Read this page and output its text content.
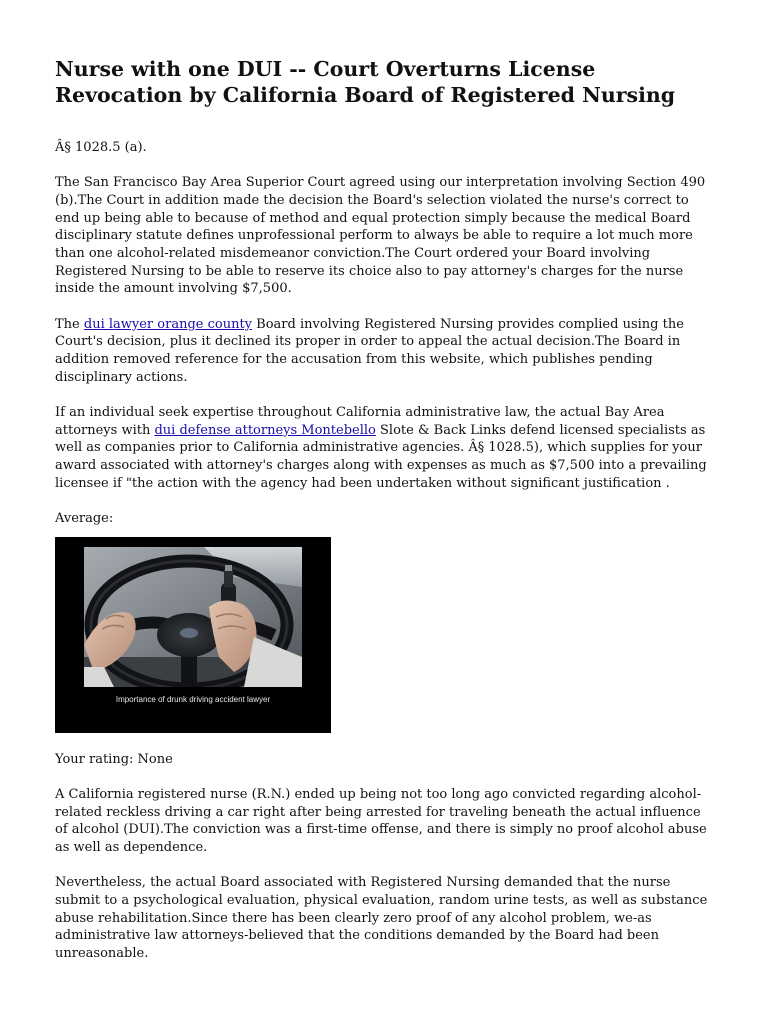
Nurse with one DUI -- Court Overturns License Revocation by California Board of Registered Nursing

Â§ 1028.5 (a).

The San Francisco Bay Area Superior Court agreed using our interpretation involving Section 490 (b).The Court in addition made the decision the Board's selection violated the nurse's correct to end up being able to because of method and equal protection simply because the medical Board disciplinary statute defines unprofessional perform to always be able to require a lot much more than one alcohol-related misdemeanor conviction.The Court ordered your Board involving Registered Nursing to be able to reserve its choice also to pay attorney's charges for the nurse inside the amount involving $7,500.

The dui lawyer orange county Board involving Registered Nursing provides complied using the Court's decision, plus it declined its proper in order to appeal the actual decision.The Board in addition removed reference for the accusation from this website, which publishes pending disciplinary actions.

If an individual seek expertise throughout California administrative law, the actual Bay Area attorneys with dui defense attorneys Montebello Slote & Back Links defend licensed specialists as well as companies prior to California administrative agencies. Â§ 1028.5), which supplies for your award associated with attorney's charges along with expenses as much as $7,500 into a prevailing licensee if "the action with the agency had been undertaken without significant justification .

Average:

Importance of drunk driving accident lawyer

Your rating: None

A California registered nurse (R.N.) ended up being not too long ago convicted regarding alcohol-related reckless driving a car right after being arrested for traveling beneath the actual influence of alcohol (DUI).The conviction was a first-time offense, and there is simply no proof alcohol abuse as well as dependence.

Nevertheless, the actual Board associated with Registered Nursing demanded that the nurse submit to a psychological evaluation, physical evaluation, random urine tests, as well as substance abuse rehabilitation.Since there has been clearly zero proof of any alcohol problem, we-as administrative law attorneys-believed that the conditions demanded by the Board had been unreasonable.
